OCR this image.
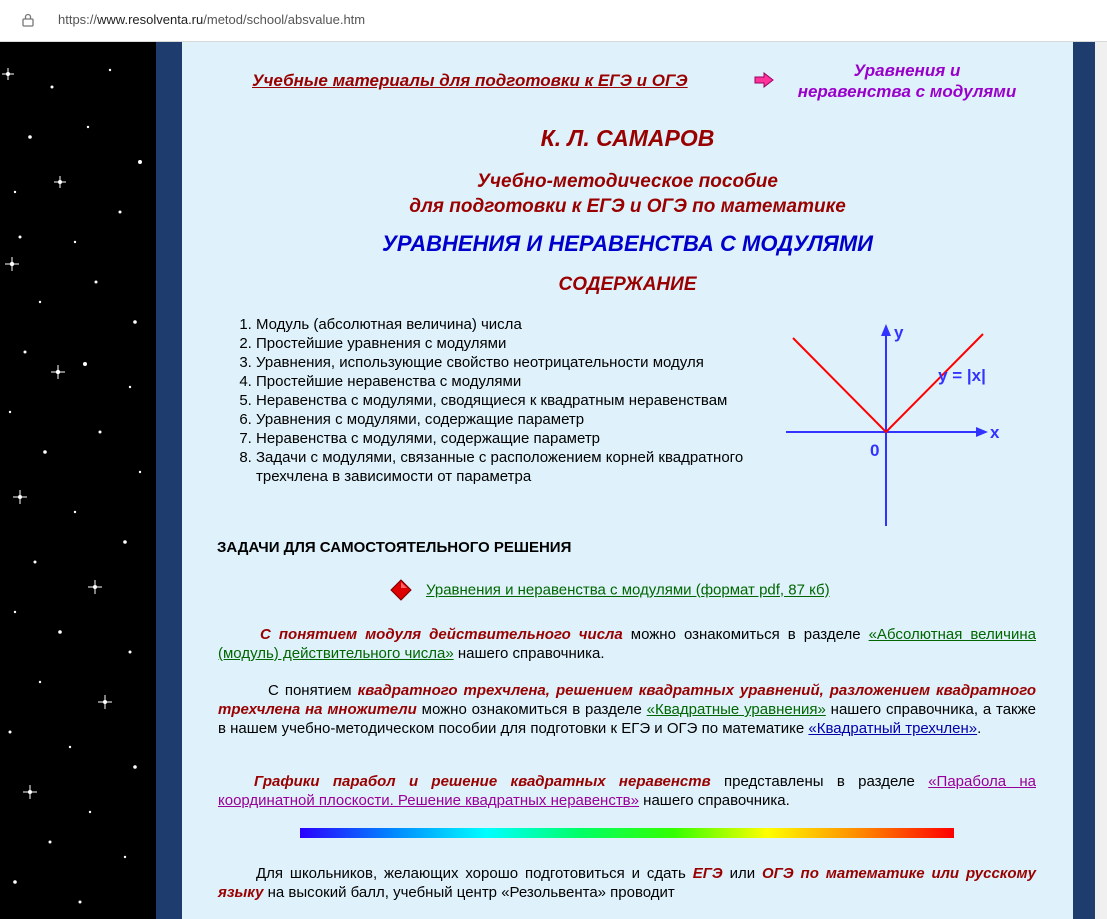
https://www.resolventa.ru/metod/school/absvalue.htm
Учебные материалы для подготовки к ЕГЭ и ОГЭ
Уравнения и
неравенства с модулями
К. Л. САМАРОВ
Учебно-методическое пособие
для подготовки к ЕГЭ и ОГЭ по математике
УРАВНЕНИЯ И НЕРАВЕНСТВА С МОДУЛЯМИ
СОДЕРЖАНИЕ
1. Модуль (абсолютная величина) числа
2. Простейшие уравнения с модулями
3. Уравнения, использующие свойство неотрицательности модуля
4. Простейшие неравенства с модулями
5. Неравенства с модулями, сводящиеся к квадратным неравенствам
6. Уравнения с модулями, содержащие параметр
7. Неравенства с модулями, содержащие параметр
8. Задачи с модулями, связанные с расположением корней квадратного трехчлена в зависимости от параметра
y
x
0
y = |x|
ЗАДАЧИ ДЛЯ САМОСТОЯТЕЛЬНОГО РЕШЕНИЯ
Уравнения и неравенства с модулями (формат pdf, 87 кб)
С понятием модуля действительного числа можно ознакомиться в разделе «Абсолютная величина (модуль) действительного числа» нашего справочника.
С понятием квадратного трехчлена, решением квадратных уравнений, разложением квадратного трехчлена на множители можно ознакомиться в разделе «Квадратные уравнения» нашего справочника, а также в нашем учебно-методическом пособии для подготовки к ЕГЭ и ОГЭ по математике «Квадратный трехчлен».
Графики парабол и решение квадратных неравенств представлены в разделе «Парабола на координатной плоскости. Решение квадратных неравенств» нашего справочника.
Для школьников, желающих хорошо подготовиться и сдать ЕГЭ или ОГЭ по математике или русскому языку на высокий балл, учебный центр «Резольвента» проводит
